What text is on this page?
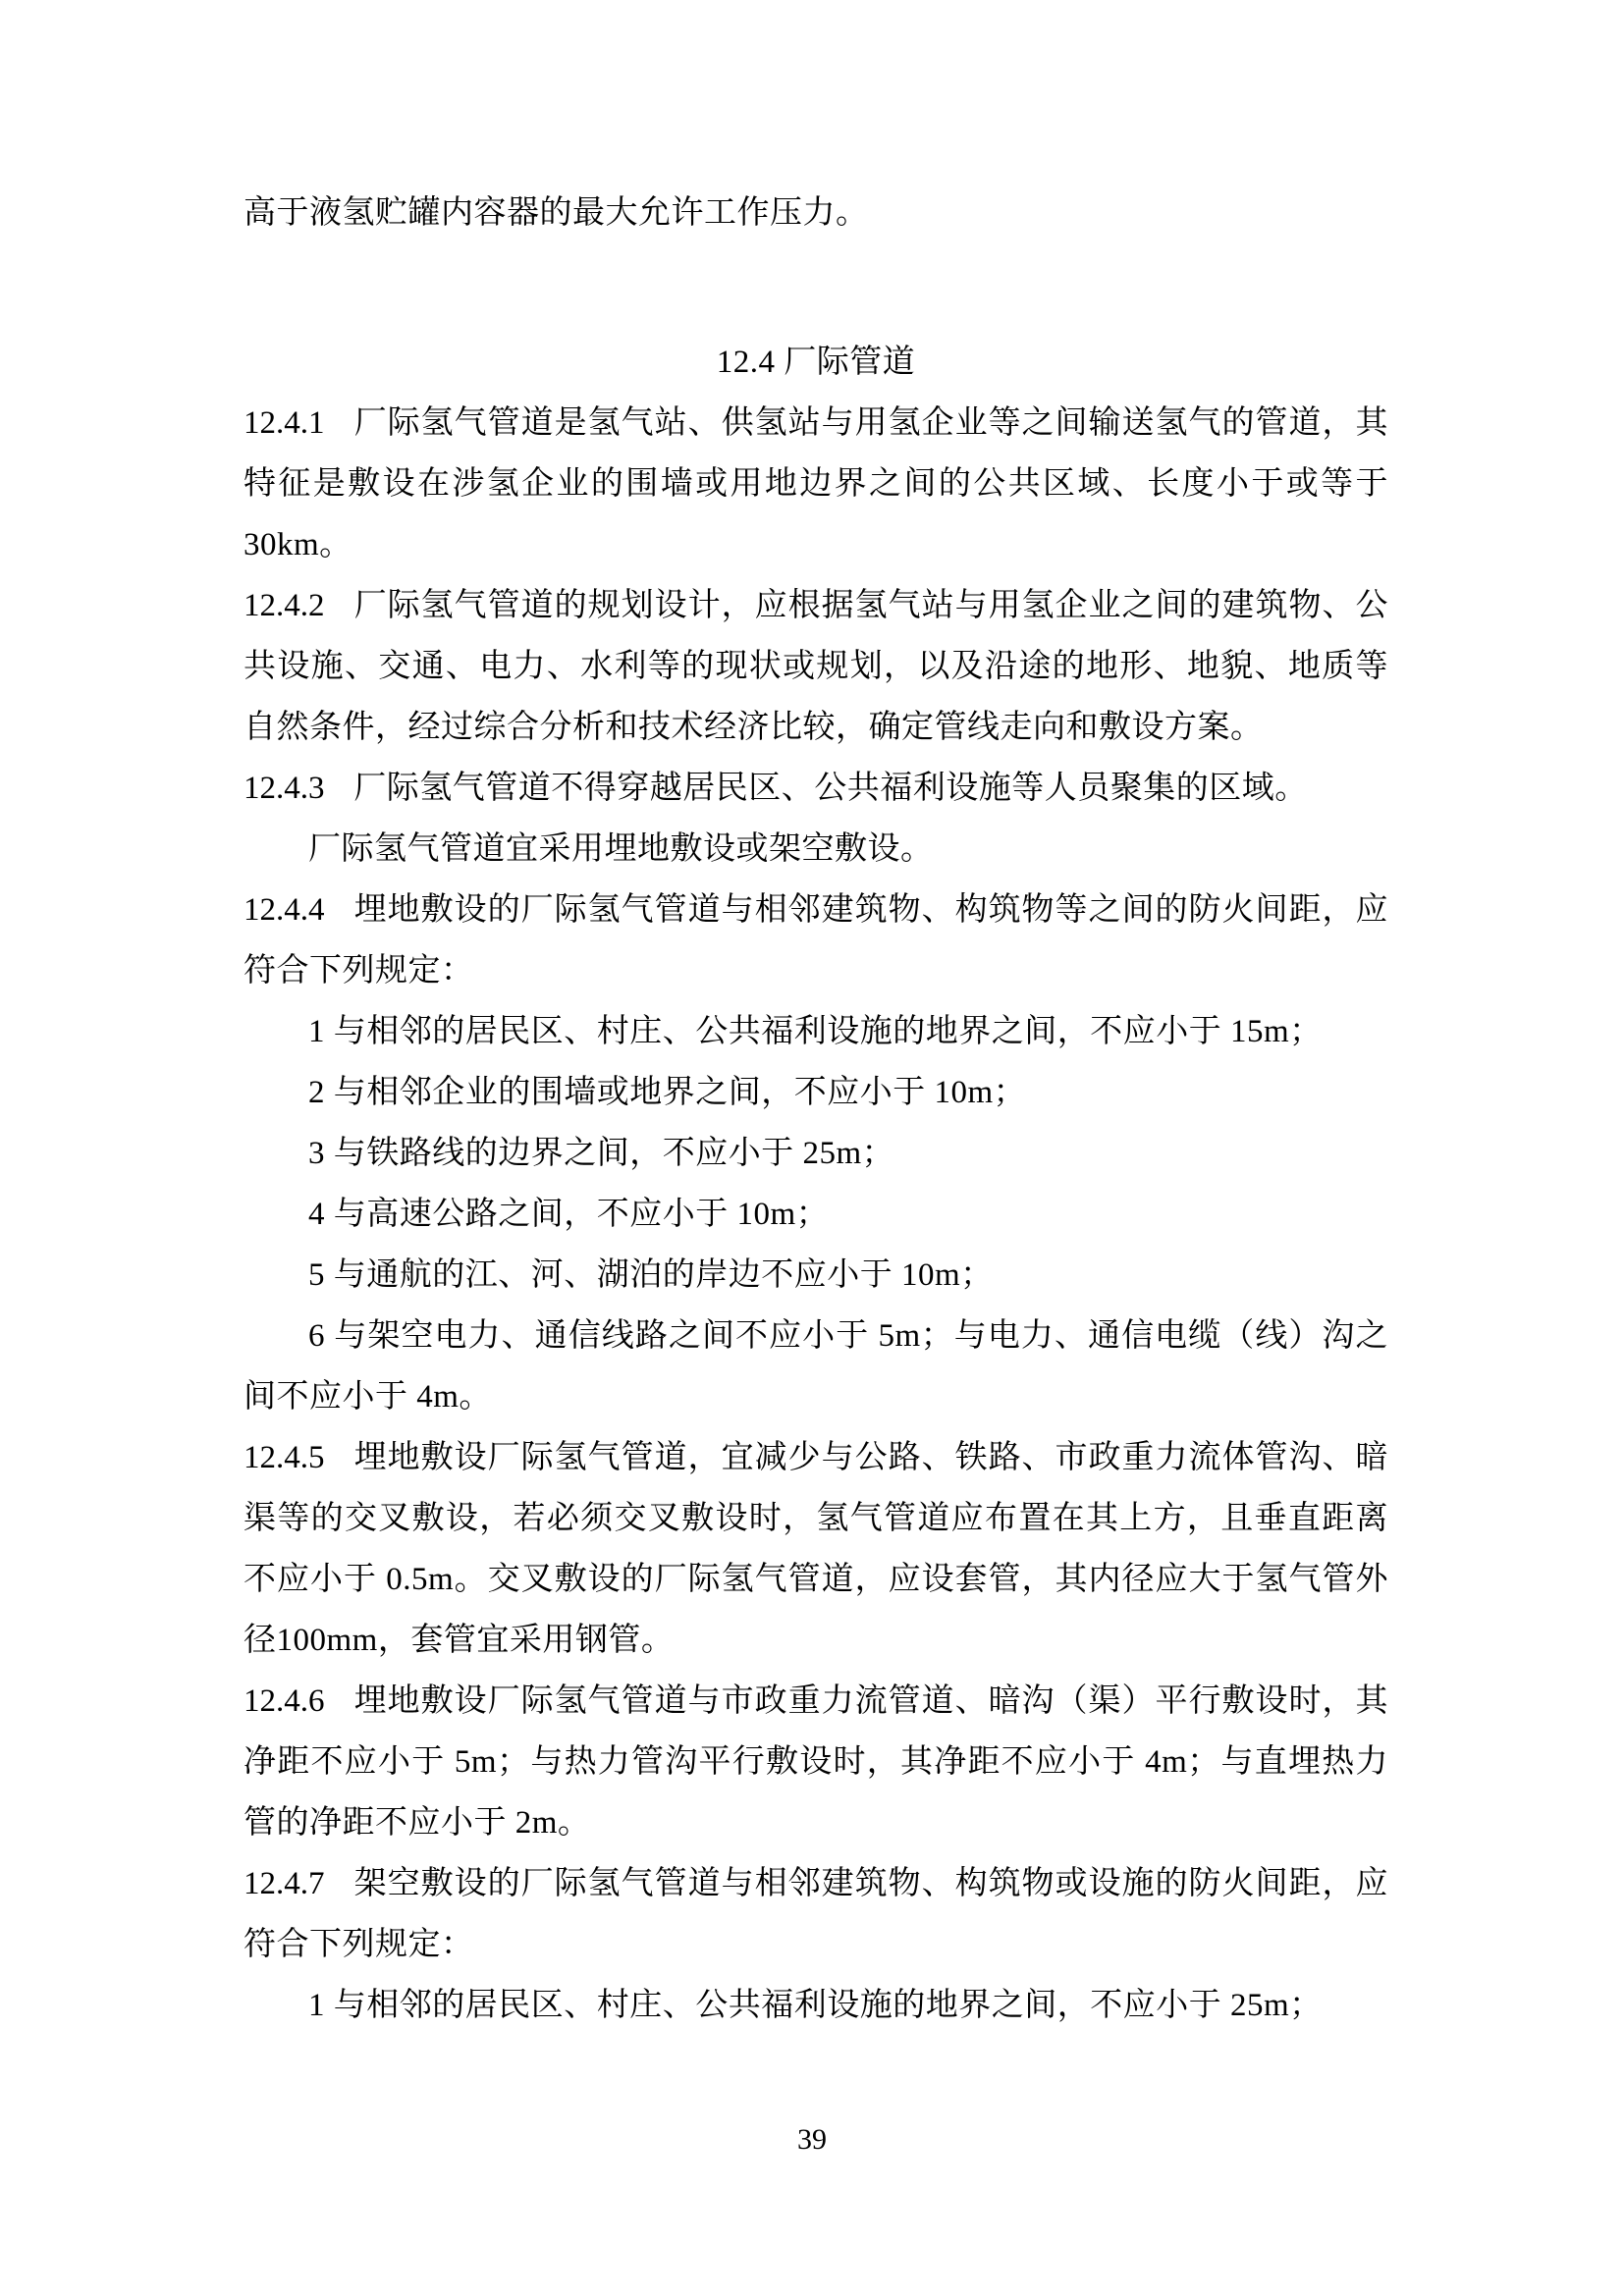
高于液氢贮罐内容器的最大允许工作压力。

12.4 厂际管道

12.4.1 厂际氢气管道是氢气站、供氢站与用氢企业等之间输送氢气的管道，其特征是敷设在涉氢企业的围墙或用地边界之间的公共区域、长度小于或等于30km。

12.4.2 厂际氢气管道的规划设计，应根据氢气站与用氢企业之间的建筑物、公共设施、交通、电力、水利等的现状或规划，以及沿途的地形、地貌、地质等自然条件，经过综合分析和技术经济比较，确定管线走向和敷设方案。

12.4.3 厂际氢气管道不得穿越居民区、公共福利设施等人员聚集的区域。

厂际氢气管道宜采用埋地敷设或架空敷设。

12.4.4 埋地敷设的厂际氢气管道与相邻建筑物、构筑物等之间的防火间距，应符合下列规定：

1 与相邻的居民区、村庄、公共福利设施的地界之间，不应小于 15m；

2 与相邻企业的围墙或地界之间，不应小于 10m；

3 与铁路线的边界之间，不应小于 25m；

4 与高速公路之间，不应小于 10m；

5 与通航的江、河、湖泊的岸边不应小于 10m；

6 与架空电力、通信线路之间不应小于 5m；与电力、通信电缆（线）沟之间不应小于 4m。

12.4.5 埋地敷设厂际氢气管道，宜减少与公路、铁路、市政重力流体管沟、暗渠等的交叉敷设，若必须交叉敷设时，氢气管道应布置在其上方，且垂直距离不应小于 0.5m。交叉敷设的厂际氢气管道，应设套管，其内径应大于氢气管外径100mm，套管宜采用钢管。

12.4.6 埋地敷设厂际氢气管道与市政重力流管道、暗沟（渠）平行敷设时，其净距不应小于 5m；与热力管沟平行敷设时，其净距不应小于 4m；与直埋热力管的净距不应小于 2m。

12.4.7 架空敷设的厂际氢气管道与相邻建筑物、构筑物或设施的防火间距，应符合下列规定：

1 与相邻的居民区、村庄、公共福利设施的地界之间，不应小于 25m；

39
